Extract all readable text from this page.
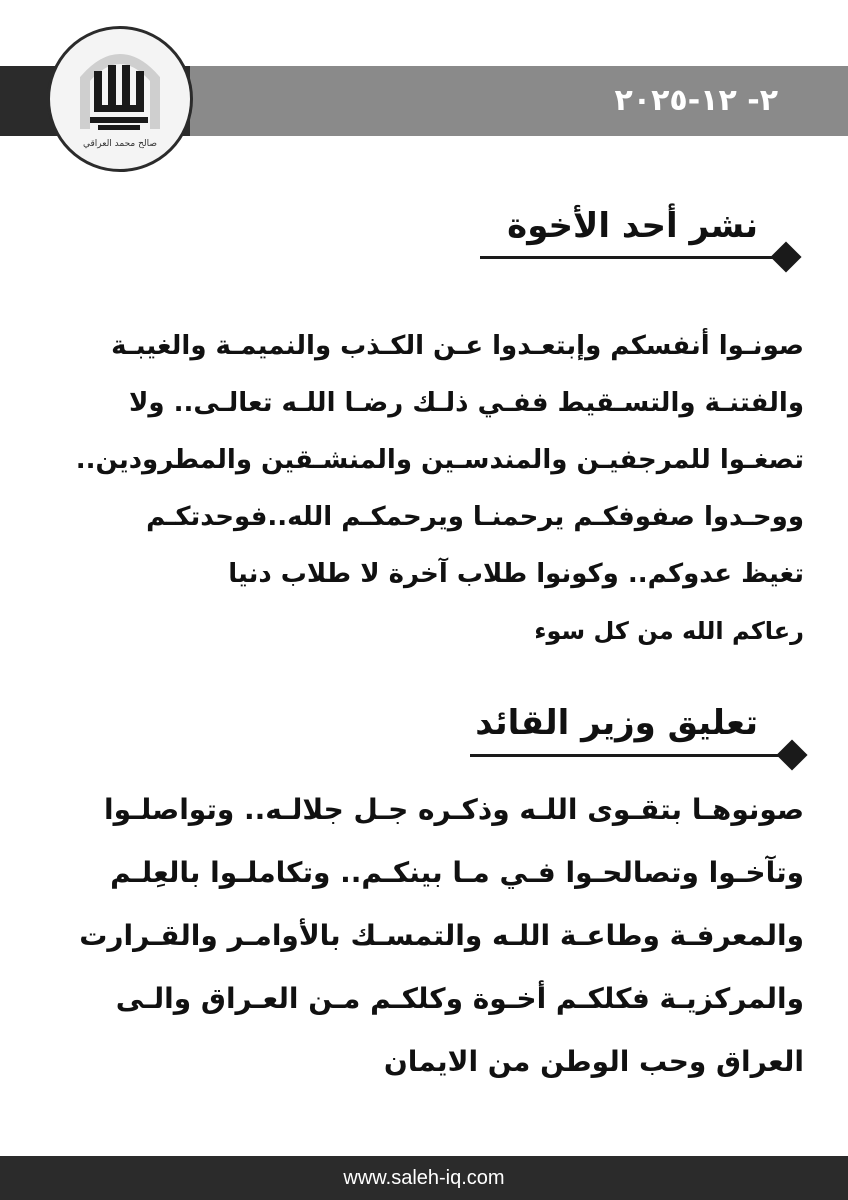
٢- ١٢-٢٠٢٥
صالح محمد العراقي
نشر أحد الأخوة
صونـوا أنفسكم وإبتعـدوا عـن الكـذب والنميمـة والغيبـة
والفتنـة والتسـقيط ففـي ذلـك رضـا اللـه تعالـى.. ولا
تصغـوا للمرجفيـن والمندسـين والمنشـقين والمطرودين..
ووحـدوا صفوفكـم يرحمنـا ويرحمكـم الله..فوحدتكـم
تغيظ عدوكم.. وكونوا طلاب آخرة لا طلاب دنيا
رعاكم الله من كل سوء
تعليق وزير القائد
صونوهـا بتقـوى اللـه وذكـره جـل جلالـه.. وتواصلـوا
وتآخـوا وتصالحـوا فـي مـا بينكـم.. وتكاملـوا بالعِلـم
والمعرفـة وطاعـة اللـه والتمسـك بالأوامـر والقـرارت
والمركزيـة فكلكـم أخـوة وكلكـم مـن العـراق والـى
العراق وحب الوطن من الايمان
www.saleh-iq.com
